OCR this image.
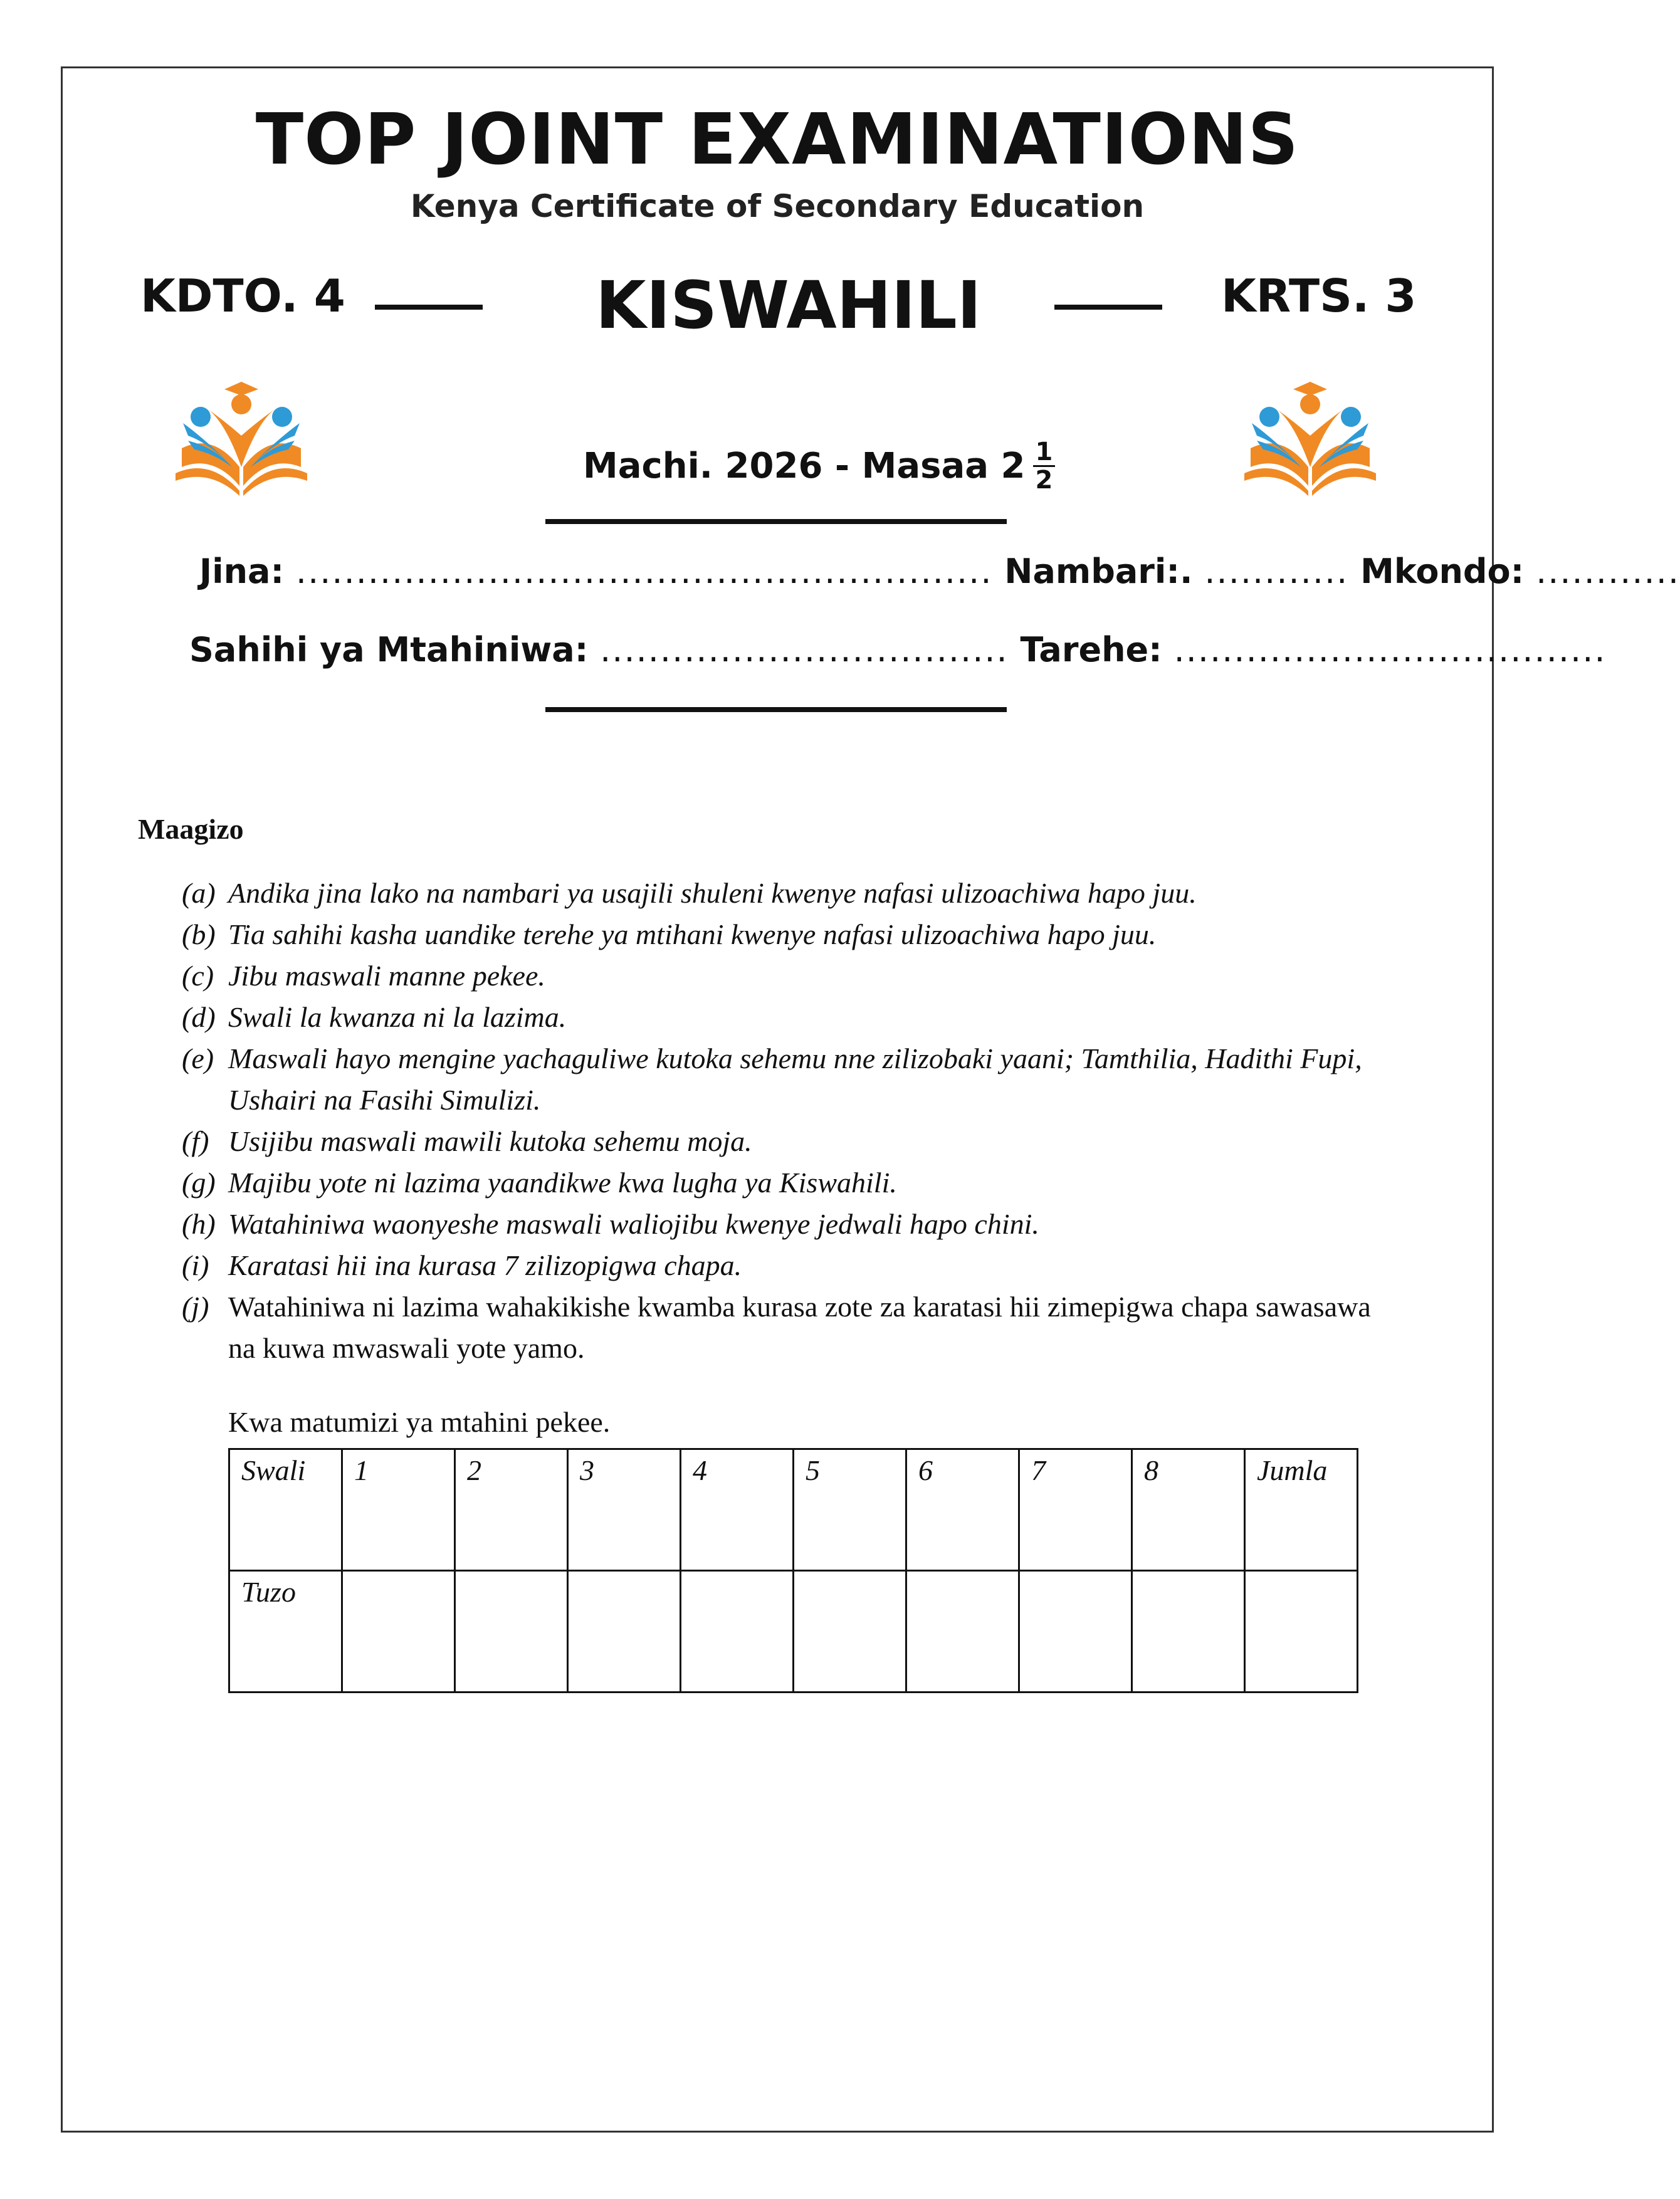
TOP JOINT EXAMINATIONS
Kenya Certificate of Secondary Education
KDTO. 4	KISWAHILI	KRTS. 3
Machi. 2026 - Masaa $2 \frac{1}{2}$
Jina: .......................................................... Nambari:. ............ Mkondo: ............
Sahihi ya Mtahiniwa: .................................. Tarehe: ....................................
Maagizo
(a) Andika jina lako na nambari ya usajili shuleni kwenye nafasi ulizoachiwa hapo juu.
(b) Tia sahihi kasha uandike terehe ya mtihani kwenye nafasi ulizoachiwa hapo juu.
(c) Jibu maswali manne pekee.
(d) Swali la kwanza ni la lazima.
(e) Maswali hayo mengine yachaguliwe kutoka sehemu nne zilizobaki yaani; Tamthilia, Hadithi Fupi, Ushairi na Fasihi Simulizi.
(f) Usijibu maswali mawili kutoka sehemu moja.
(g) Majibu yote ni lazima yaandikwe kwa lugha ya Kiswahili.
(h) Watahiniwa waonyeshe maswali waliojibu kwenye jedwali hapo chini.
(i) Karatasi hii ina kurasa 7 zilizopigwa chapa.
(j) Watahiniwa ni lazima wahakikishe kwamba kurasa zote za karatasi hii zimepigwa chapa sawasawa na kuwa mwaswali yote yamo.
Kwa matumizi ya mtahini pekee.
Swali	1	2	3	4	5	6	7	8	Jumla
Tuzo									
